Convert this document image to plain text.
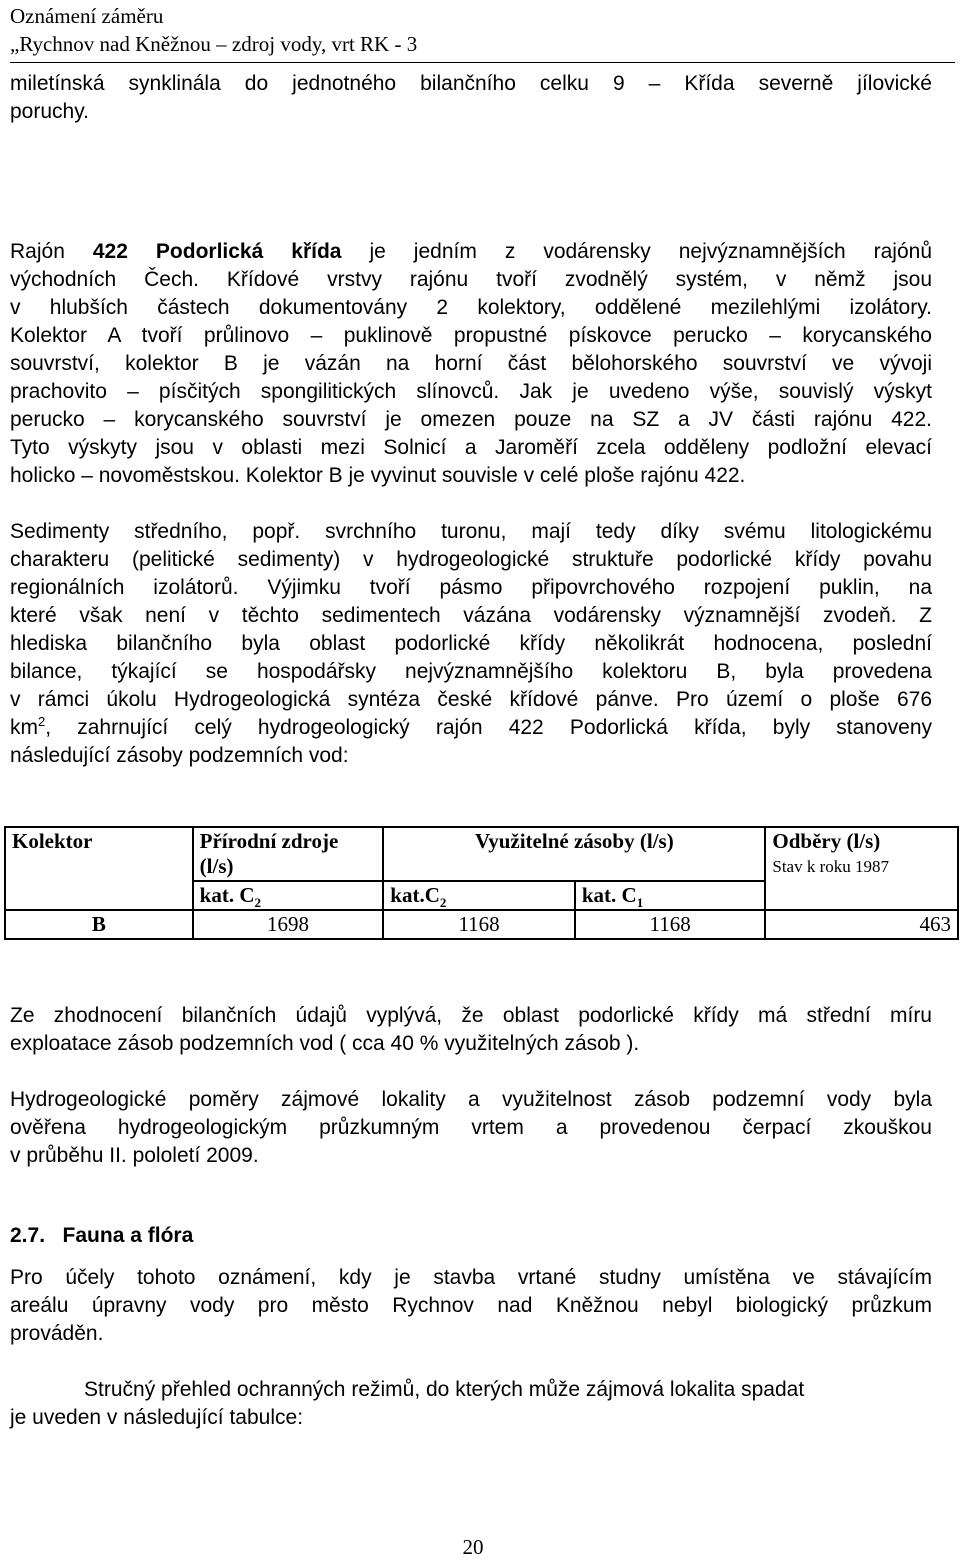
Oznámení záměru
„Rychnov nad Kněžnou – zdroj vody, vrt RK - 3
miletínská synklinála do jednotného bilančního celku 9 – Křída severně jílovické
poruchy.
Rajón 422 Podorlická křída je jedním z vodárensky nejvýznamnějších rajónů
východních Čech. Křídové vrstvy rajónu tvoří zvodnělý systém, v němž jsou
v hlubších částech dokumentovány 2 kolektory, oddělené mezilehlými izolátory.
Kolektor A tvoří průlinovo – puklinově propustné pískovce perucko – korycanského
souvrství, kolektor B je vázán na horní část bělohorského souvrství ve vývoji
prachovito – písčitých spongilitických slínovců. Jak je uvedeno výše, souvislý výskyt
perucko – korycanského souvrství je omezen pouze na SZ a JV části rajónu 422.
Tyto výskyty jsou v oblasti mezi Solnicí a Jaroměří zcela odděleny podložní elevací
holicko – novoměstskou. Kolektor B je vyvinut souvisle v celé ploše rajónu 422.
Sedimenty středního, popř. svrchního turonu, mají tedy díky svému litologickému
charakteru (pelitické sedimenty) v hydrogeologické struktuře podorlické křídy povahu
regionálních izolátorů. Výjimku tvoří pásmo připovrchového rozpojení puklin, na
které však není v těchto sedimentech vázána vodárensky významnější zvodeň. Z
hlediska bilančního byla oblast podorlické křídy několikrát hodnocena, poslední
bilance, týkající se hospodářsky nejvýznamnějšího kolektoru B, byla provedena
v rámci úkolu Hydrogeologická syntéza české křídové pánve. Pro území o ploše 676
$km^2$, zahrnující celý hydrogeologický rajón 422 Podorlická křída, byly stanoveny
následující zásoby podzemních vod:
Kolektor	Přírodní zdroje (l/s)	Využitelné zásoby (l/s)		Odběry (l/s)
Stav k roku 1987

	kat. $C_2$	$kat.C_2$	kat. $C_1$
B	1698	1168	1168	463
Ze zhodnocení bilančních údajů vyplývá, že oblast podorlické křídy má střední míru
exploatace zásob podzemních vod ( cca 40 % využitelných zásob ).
Hydrogeologické poměry zájmové lokality a využitelnost zásob podzemní vody byla
ověřena hydrogeologickým průzkumným vrtem a provedenou čerpací zkouškou
v průběhu II. pololetí 2009.
2.7. Fauna a flóra
Pro účely tohoto oznámení, kdy je stavba vrtané studny umístěna ve stávajícím
areálu úpravny vody pro město Rychnov nad Kněžnou nebyl biologický průzkum
prováděn.
Stručný přehled ochranných režimů, do kterých může zájmová lokalita spadat
je uveden v následující tabulce:
20
